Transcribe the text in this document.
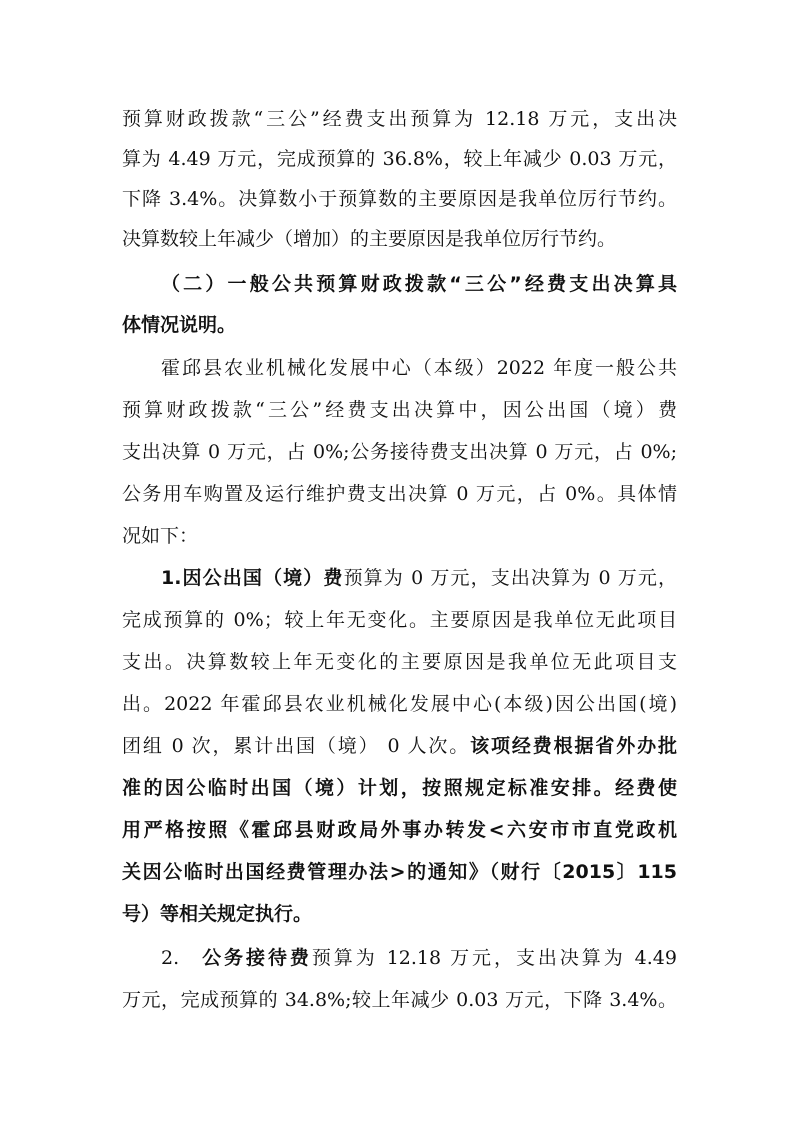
预算财政拨款“三公”经费支出预算为 12.18 万元，支出决
算为 4.49 万元，完成预算的 36.8%，较上年减少 0.03 万元，
下降 3.4%。决算数小于预算数的主要原因是我单位厉行节约。
决算数较上年减少（增加）的主要原因是我单位厉行节约。
（二）一般公共预算财政拨款“三公”经费支出决算具
体情况说明。
霍邱县农业机械化发展中心（本级）2022 年度一般公共
预算财政拨款“三公”经费支出决算中，因公出国（境）费
支出决算 0 万元，占 0%;公务接待费支出决算 0 万元，占 0%;
公务用车购置及运行维护费支出决算 0 万元，占 0%。具体情
况如下：
1.因公出国（境）费预算为 0 万元，支出决算为 0 万元，
完成预算的 0%；较上年无变化。主要原因是我单位无此项目
支出。决算数较上年无变化的主要原因是我单位无此项目支
出。2022 年霍邱县农业机械化发展中心(本级)因公出国(境)
团组 0 次，累计出国（境） 0 人次。该项经费根据省外办批
准的因公临时出国（境）计划，按照规定标准安排。经费使
用严格按照《霍邱县财政局外事办转发<六安市市直党政机
关因公临时出国经费管理办法>的通知》（财行〔2015〕115
号）等相关规定执行。
2. 公务接待费预算为 12.18 万元，支出决算为 4.49
万元，完成预算的 34.8%;较上年减少 0.03 万元，下降 3.4%。
